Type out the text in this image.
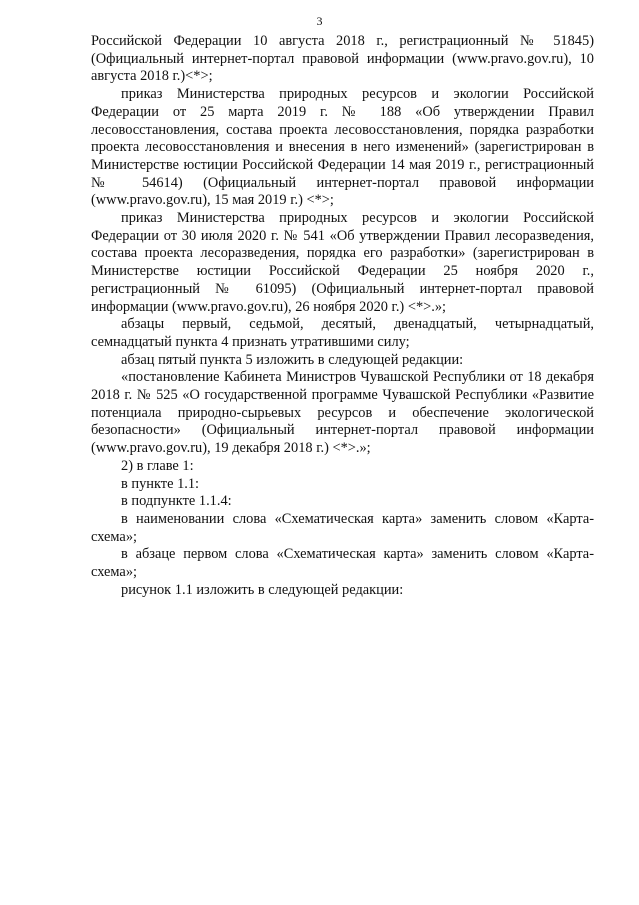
3

Российской Федерации 10 августа 2018 г., регистрационный № 51845) (Официальный интернет-портал правовой информации (www.pravo.gov.ru), 10 августа 2018 г.)<*>;

приказ Министерства природных ресурсов и экологии Российской Федерации от 25 марта 2019 г. № 188 «Об утверждении Правил лесовосстановления, состава проекта лесовосстановления, порядка разработки проекта лесовосстановления и внесения в него изменений» (зарегистрирован в Министерстве юстиции Российской Федерации 14 мая 2019 г., регистрационный № 54614) (Официальный интернет-портал правовой информации (www.pravo.gov.ru), 15 мая 2019 г.) <*>;

приказ Министерства природных ресурсов и экологии Российской Федерации от 30 июля 2020 г. № 541 «Об утверждении Правил лесоразведения, состава проекта лесоразведения, порядка его разработки» (зарегистрирован в Министерстве юстиции Российской Федерации 25 ноября 2020 г., регистрационный № 61095) (Официальный интернет-портал правовой информации (www.pravo.gov.ru), 26 ноября 2020 г.) <*>.»;

абзацы первый, седьмой, десятый, двенадцатый, четырнадцатый, семнадцатый пункта 4 признать утратившими силу;

абзац пятый пункта 5 изложить в следующей редакции:

«постановление Кабинета Министров Чувашской Республики от 18 декабря 2018 г. № 525 «О государственной программе Чувашской Республики «Развитие потенциала природно-сырьевых ресурсов и обеспечение экологической безопасности» (Официальный интернет-портал правовой информации (www.pravo.gov.ru), 19 декабря 2018 г.) <*>.»;

2) в главе 1:

в пункте 1.1:

в подпункте 1.1.4:

в наименовании слова «Схематическая карта» заменить словом «Карта-схема»;

в абзаце первом слова «Схематическая карта» заменить словом «Карта-схема»;

рисунок 1.1 изложить в следующей редакции:
